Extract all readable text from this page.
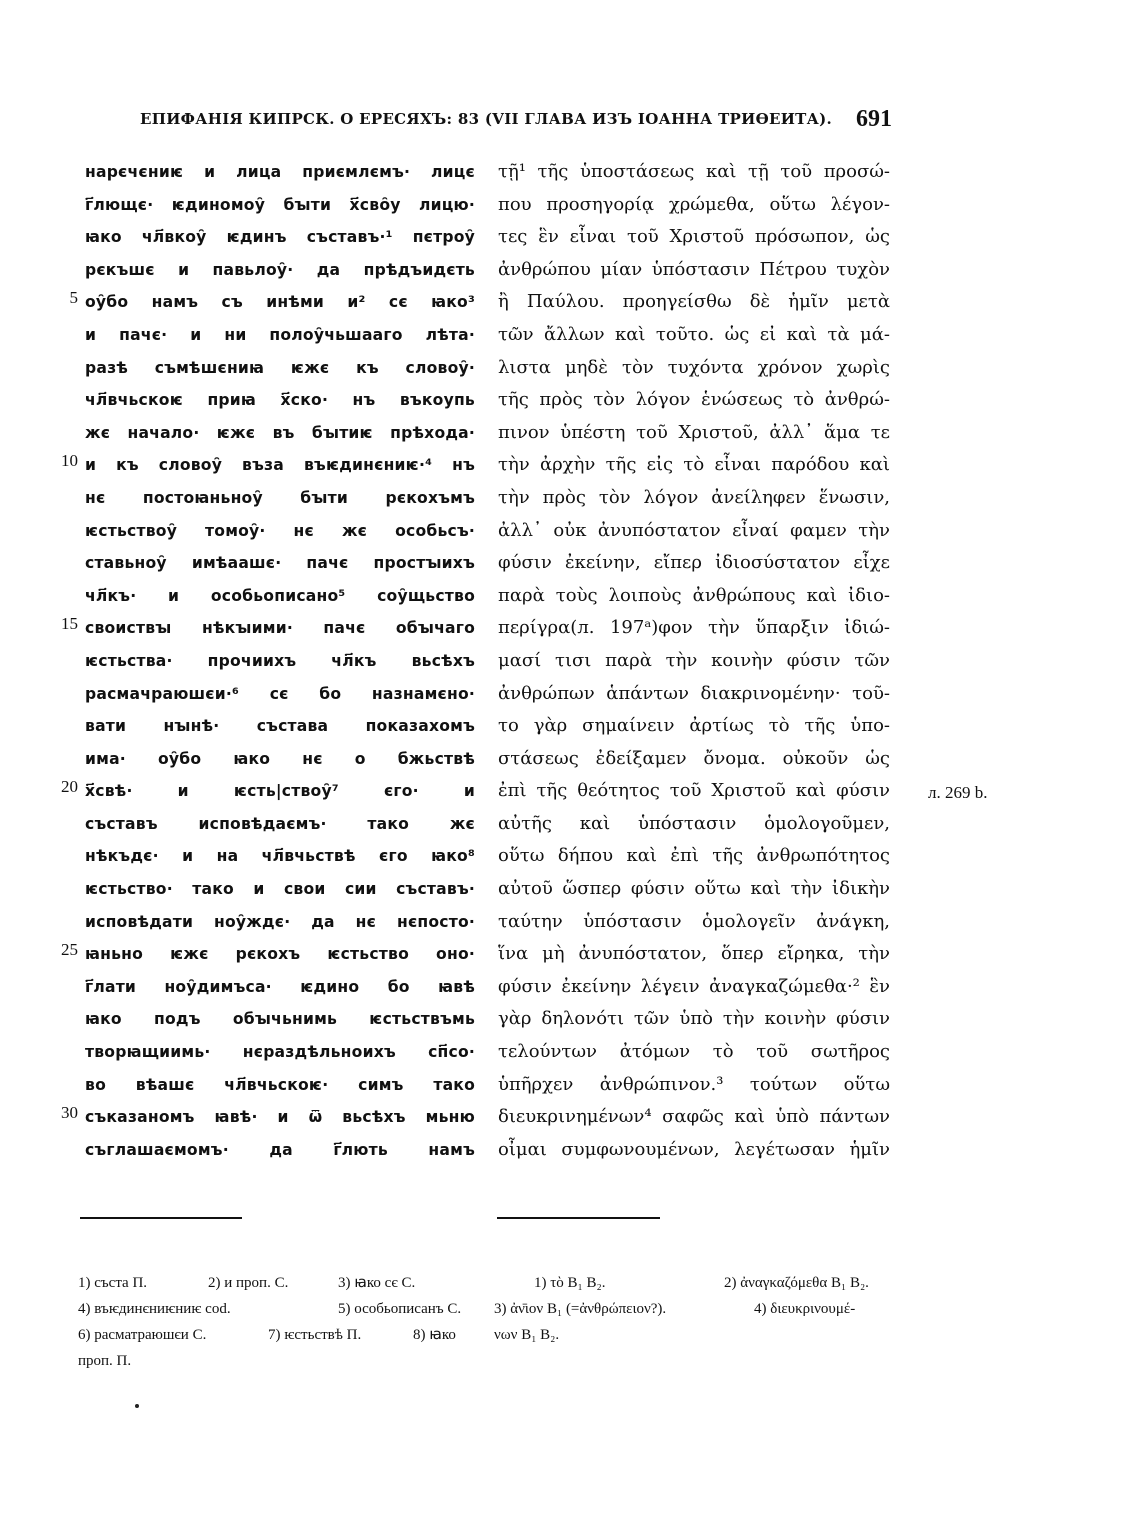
ЕПИФАНІЯ КИПРСК. О ЕРЕСЯХЪ: 83 (VII ГЛАВА ИЗЪ ІОАННА ТРИѲЕИТА). 691
5
10
15
20
25
30
нарєчєниѥ и лица приємлємъ· лицє
г҃лющє· ѥдиномоу̑ бꙑти х҃сво̑у лицю·
ꙗко чл҃вкоу̑ ѥдинъ съставъ·¹ пєтроу̑
рєкъшє и павьлоу̑· да прѣдъидєть
оу̑бо намъ съ инѣми и² сє ꙗко³
и пачє· и ни полоу̑чьшааго лѣта·
разѣ съмѣшєниꙗ ѥжє къ словоу̑·
чл҃вчьскоѥ приꙗ х҃ско· нъ въкоупь
жє начало· ѥжє въ бꙑтиѥ прѣхода·
и къ словоу̑ въза въѥдинєниѥ·⁴ нъ
нє постоꙗньноу̑ бꙑти рєкохъмъ
ѥстьствоу̑ томоу̑· нє жє особьсъ·
ставьноу̑ имѣаашє· пачє простꙑихъ
чл҃къ· и особьописано⁵ соу̑щьство
своиствꙑ нѣкꙑими· пачє обꙑчаго
ѥстьства· прочиихъ чл҃къ вьсѣхъ
расмачраюшєи·⁶ сє бо назнамєно·
вати нꙑнѣ· състава показахомъ
има· оу̑бо ꙗко нє о бжьствѣ
х҃свѣ· и ѥсть|ствоу̑⁷ єго· и
съставъ исповѣдаємъ· тако жє
нѣкъдє· и на чл҃вчьствѣ єго ꙗко⁸
ѥстьство· тако и свои сии съставъ·
исповѣдати ноу̑ждє· да нє нєпосто·
ꙗньно ѥжє рєкохъ ѥстьство оно·
г҃лати ноу̑димъса· ѥдино бо ꙗвѣ
ꙗко подъ обꙑчьнимь ѥстьствъмь
творꙗщиимь· нєраздѣльноихъ сп҃со·
во вѣашє чл҃вчьскоѥ· симъ тако
съказаномъ ꙗвѣ· и ѿ вьсѣхъ мьню
съглашаємомъ· да г҃лють намъ
τῇ¹ τῆς ὑποστάσεως καὶ τῇ τοῦ προσώ-
που προσηγορίᾳ χρώμεθα, οὕτω λέγον-
τες ἓν εἶναι τοῦ Χριστοῦ πρόσωπον, ὡς
ἀνθρώπου μίαν ὑπόστασιν Πέτρου τυχὸν
ἢ Παύλου. προηγείσθω δὲ ἡμῖν μετὰ
τῶν ἄλλων καὶ τοῦτο. ὡς εἰ καὶ τὰ μά-
λιστα μηδὲ τὸν τυχόντα χρόνον χωρὶς
τῆς πρὸς τὸν λόγον ἑνώσεως τὸ ἀνθρώ-
πινον ὑπέστη τοῦ Χριστοῦ, ἀλλ᾽ ἅμα τε
τὴν ἀρχὴν τῆς εἰς τὸ εἶναι παρόδου καὶ
τὴν πρὸς τὸν λόγον ἀνείληφεν ἕνωσιν,
ἀλλ᾽ οὐκ ἀνυπόστατον εἶναί φαμεν τὴν
φύσιν ἐκείνην, εἴπερ ἰδιοσύστατον εἶχε
παρὰ τοὺς λοιποὺς ἀνθρώπους καὶ ἰδιο-
περίγρα(л. 197ᵃ)φον τὴν ὕπαρξιν ἰδιώ-
μασί τισι παρὰ τὴν κοινὴν φύσιν τῶν
ἀνθρώπων ἁπάντων διακρινομένην· τοῦ-
το γὰρ σημαίνειν ἀρτίως τὸ τῆς ὑπο-
στάσεως ἐδείξαμεν ὄνομα. οὐκοῦν ὡς
ἐπὶ τῆς θεότητος τοῦ Χριστοῦ καὶ φύσιν
αὐτῆς καὶ ὑπόστασιν ὁμολογοῦμεν,
οὕτω δήπου καὶ ἐπὶ τῆς ἀνθρωπότητος
αὐτοῦ ὥσπερ φύσιν οὕτω καὶ τὴν ἰδικὴν
ταύτην ὑπόστασιν ὁμολογεῖν ἀνάγκη,
ἵνα μὴ ἀνυπόστατον, ὅπερ εἴρηκα, τὴν
φύσιν ἐκείνην λέγειν ἀναγκαζώμεθα·² ἓν
γὰρ δηλονότι τῶν ὑπὸ τὴν κοινὴν φύσιν
τελούντων ἀτόμων τὸ τοῦ σωτῆρος
ὑπῆρχεν ἀνθρώπινον.³ τούτων οὕτω
διευκρινημένων⁴ σαφῶς καὶ ὑπὸ πάντων
οἶμαι συμφωνουμένων, λεγέτωσαν ἡμῖν
л. 269 b.
1) съста П.	2) и проп. С.	3) ꙗко сє С.
4) въѥдинєниѥниѥ cod.	5) особьописанъ С.
6) расматраюшєи С.	7) ѥстьствѣ П.	8) ꙗко
проп. П.
1) τὸ B₁ B₂.	2) ἀναγκαζόμεθα B₁ B₂.
3) ἀν̄ιον B₁ (=ἀνθρώπειον?).	4) διευκρινουμέ-
νων B₁ B₂.
